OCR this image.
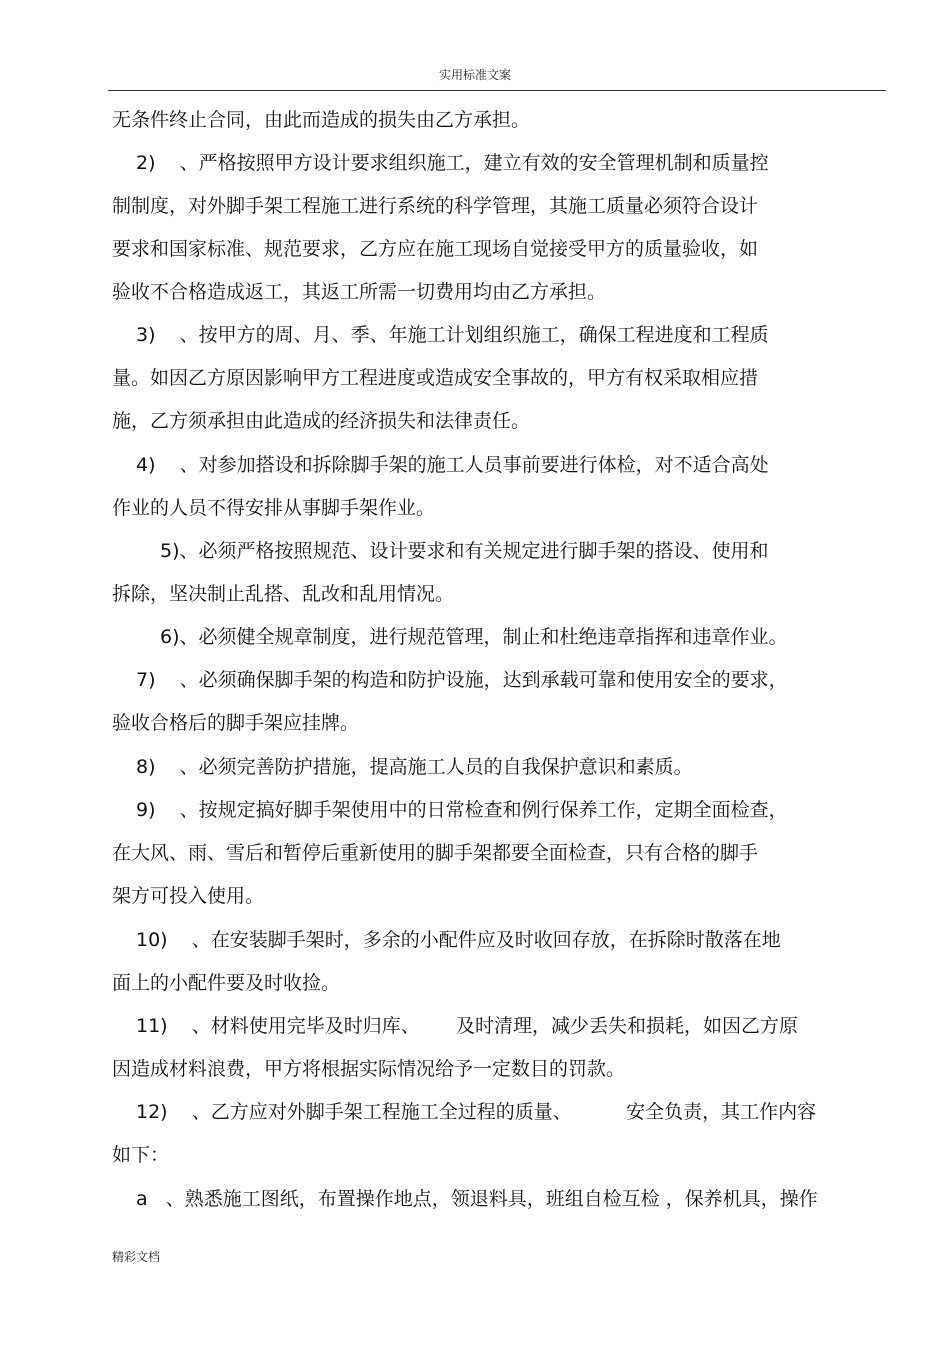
实用标准文案
无条件终止合同，由此而造成的损失由乙方承担。
2)    、严格按照甲方设计要求组织施工，建立有效的安全管理机制和质量控
制制度，对外脚手架工程施工进行系统的科学管理，其施工质量必须符合设计
要求和国家标准、规范要求，乙方应在施工现场自觉接受甲方的质量验收，如
验收不合格造成返工，其返工所需一切费用均由乙方承担。
3)    、按甲方的周、月、季、年施工计划组织施工，确保工程进度和工程质
量。如因乙方原因影响甲方工程进度或造成安全事故的，甲方有权采取相应措
施，乙方须承担由此造成的经济损失和法律责任。
4)    、对参加搭设和拆除脚手架的施工人员事前要进行体检，对不适合高处
作业的人员不得安排从事脚手架作业。
5)、必须严格按照规范、设计要求和有关规定进行脚手架的搭设、使用和
拆除，坚决制止乱搭、乱改和乱用情况。
6)、必须健全规章制度，进行规范管理，制止和杜绝违章指挥和违章作业。
7)    、必须确保脚手架的构造和防护设施，达到承载可靠和使用安全的要求，
验收合格后的脚手架应挂牌。
8)    、必须完善防护措施，提高施工人员的自我保护意识和素质。
9)    、按规定搞好脚手架使用中的日常检查和例行保养工作，定期全面检查，
在大风、雨、雪后和暂停后重新使用的脚手架都要全面检查，只有合格的脚手
架方可投入使用。
10)    、在安装脚手架时，多余的小配件应及时收回存放，在拆除时散落在地
面上的小配件要及时收捡。
11)    、材料使用完毕及时归库、      及时清理，减少丢失和损耗，如因乙方原
因造成材料浪费，甲方将根据实际情况给予一定数目的罚款。
12)    、乙方应对外脚手架工程施工全过程的质量、         安全负责，其工作内容
如下：
a   、熟悉施工图纸，布置操作地点，领退料具，班组自检互检 ，保养机具，操作
精彩文档
